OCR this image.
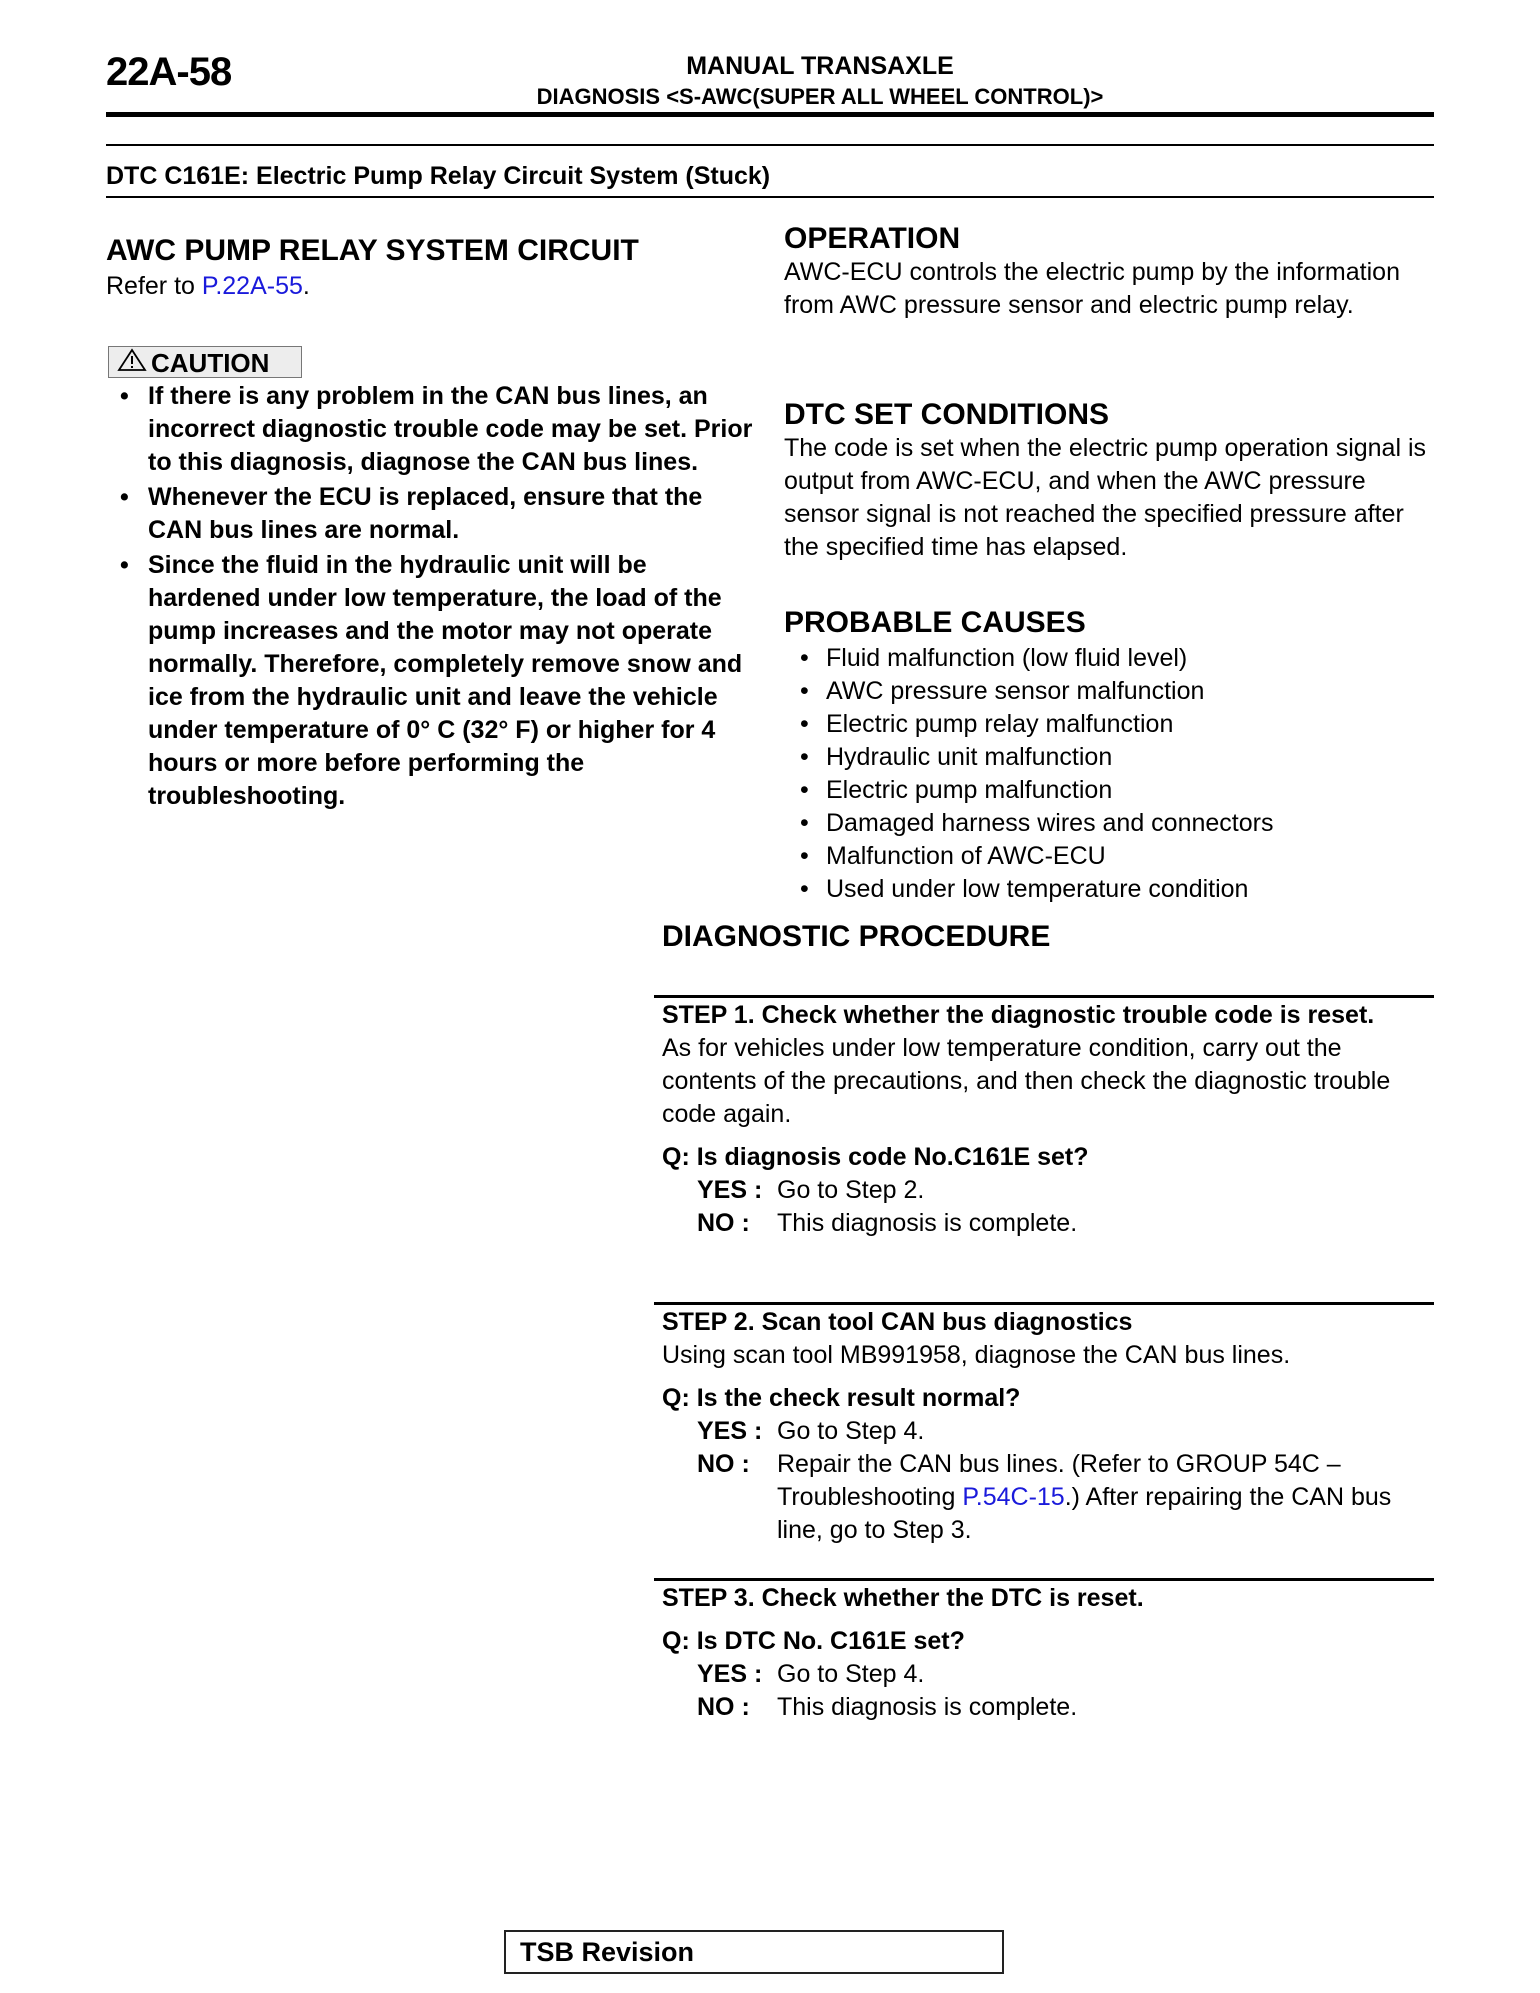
22A-58	MANUAL TRANSAXLE
DIAGNOSIS <S-AWC(SUPER ALL WHEEL CONTROL)>
DTC C161E: Electric Pump Relay Circuit System (Stuck)
AWC PUMP RELAY SYSTEM CIRCUIT
Refer to P.22A-55.
CAUTION
• If there is any problem in the CAN bus lines, an incorrect diagnostic trouble code may be set. Prior to this diagnosis, diagnose the CAN bus lines.
• Whenever the ECU is replaced, ensure that the CAN bus lines are normal.
• Since the fluid in the hydraulic unit will be hardened under low temperature, the load of the pump increases and the motor may not operate normally. Therefore, completely remove snow and ice from the hydraulic unit and leave the vehicle under temperature of 0° C (32° F) or higher for 4 hours or more before performing the troubleshooting.
OPERATION
AWC-ECU controls the electric pump by the information from AWC pressure sensor and electric pump relay.
DTC SET CONDITIONS
The code is set when the electric pump operation signal is output from AWC-ECU, and when the AWC pressure sensor signal is not reached the specified pressure after the specified time has elapsed.
PROBABLE CAUSES
• Fluid malfunction (low fluid level)
• AWC pressure sensor malfunction
• Electric pump relay malfunction
• Hydraulic unit malfunction
• Electric pump malfunction
• Damaged harness wires and connectors
• Malfunction of AWC-ECU
• Used under low temperature condition
DIAGNOSTIC PROCEDURE
STEP 1. Check whether the diagnostic trouble code is reset.
As for vehicles under low temperature condition, carry out the contents of the precautions, and then check the diagnostic trouble code again.
Q: Is diagnosis code No.C161E set?
YES : Go to Step 2.
NO :	This diagnosis is complete.
STEP 2. Scan tool CAN bus diagnostics
Using scan tool MB991958, diagnose the CAN bus lines.
Q: Is the check result normal?
YES : Go to Step 4.
NO :	Repair the CAN bus lines. (Refer to GROUP 54C – Troubleshooting P.54C-15.) After repairing the CAN bus line, go to Step 3.
STEP 3. Check whether the DTC is reset.
Q: Is DTC No. C161E set?
YES : Go to Step 4.
NO :	This diagnosis is complete.
TSB Revision
